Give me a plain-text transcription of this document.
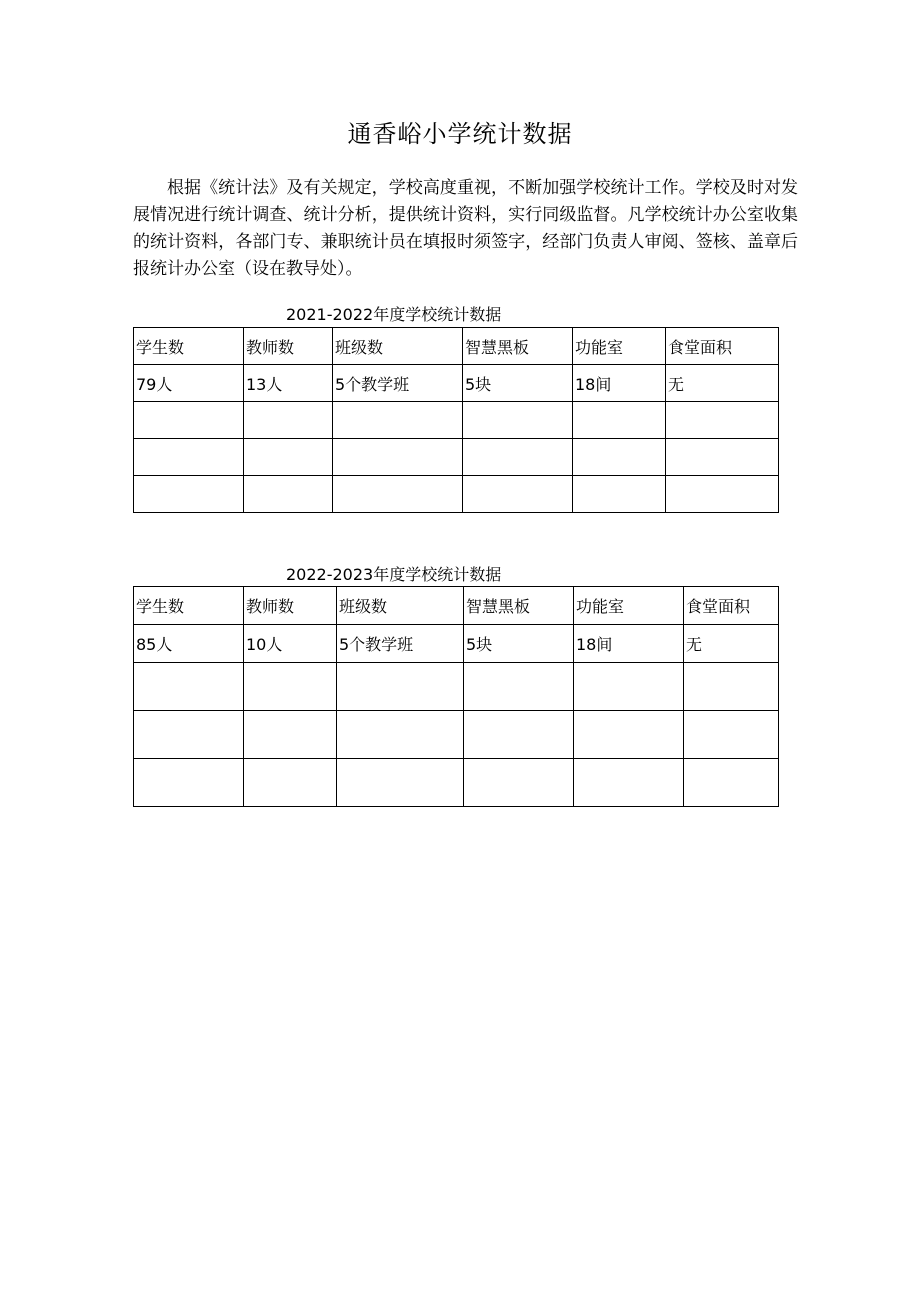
通香峪小学统计数据

根据《统计法》及有关规定，学校高度重视，不断加强学校统计工作。学校及时对发展情况进行统计调查、统计分析，提供统计资料，实行同级监督。凡学校统计办公室收集的统计资料，各部门专、兼职统计员在填报时须签字，经部门负责人审阅、签核、盖章后报统计办公室（设在教导处）。

2021-2022年度学校统计数据
学生数	教师数	班级数	智慧黑板	功能室	食堂面积
79人	13人	5个教学班	5块	18间	无

2022-2023年度学校统计数据
学生数	教师数	班级数	智慧黑板	功能室	食堂面积
85人	10人	5个教学班	5块	18间	无
